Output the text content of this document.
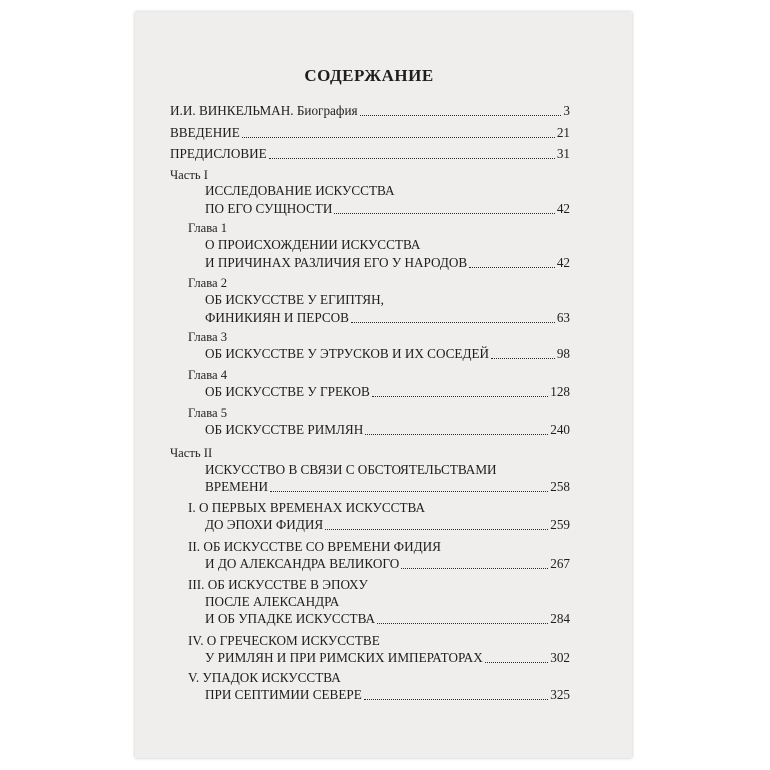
СОДЕРЖАНИЕ
И.И. ВИНКЕЛЬМАН. Биография	3
ВВЕДЕНИЕ	21
ПРЕДИСЛОВИЕ	31
Часть I
ИССЛЕДОВАНИЕ ИСКУССТВА
ПО ЕГО СУЩНОСТИ	42
Глава 1
О ПРОИСХОЖДЕНИИ ИСКУССТВА
И ПРИЧИНАХ РАЗЛИЧИЯ ЕГО У НАРОДОВ	42
Глава 2
ОБ ИСКУССТВЕ У ЕГИПТЯН,
ФИНИКИЯН И ПЕРСОВ	63
Глава 3
ОБ ИСКУССТВЕ У ЭТРУСКОВ И ИХ СОСЕДЕЙ	98
Глава 4
ОБ ИСКУССТВЕ У ГРЕКОВ	128
Глава 5
ОБ ИСКУССТВЕ РИМЛЯН	240
Часть II
ИСКУССТВО В СВЯЗИ С ОБСТОЯТЕЛЬСТВАМИ
ВРЕМЕНИ	258
I. О ПЕРВЫХ ВРЕМЕНАХ ИСКУССТВА
ДО ЭПОХИ ФИДИЯ	259
II. ОБ ИСКУССТВЕ СО ВРЕМЕНИ ФИДИЯ
И ДО АЛЕКСАНДРА ВЕЛИКОГО	267
III. ОБ ИСКУССТВЕ В ЭПОХУ
ПОСЛЕ АЛЕКСАНДРА
И ОБ УПАДКЕ ИСКУССТВА	284
IV. О ГРЕЧЕСКОМ ИСКУССТВЕ
У РИМЛЯН И ПРИ РИМСКИХ ИМПЕРАТОРАХ	302
V. УПАДОК ИСКУССТВА
ПРИ СЕПТИМИИ СЕВЕРЕ	325
